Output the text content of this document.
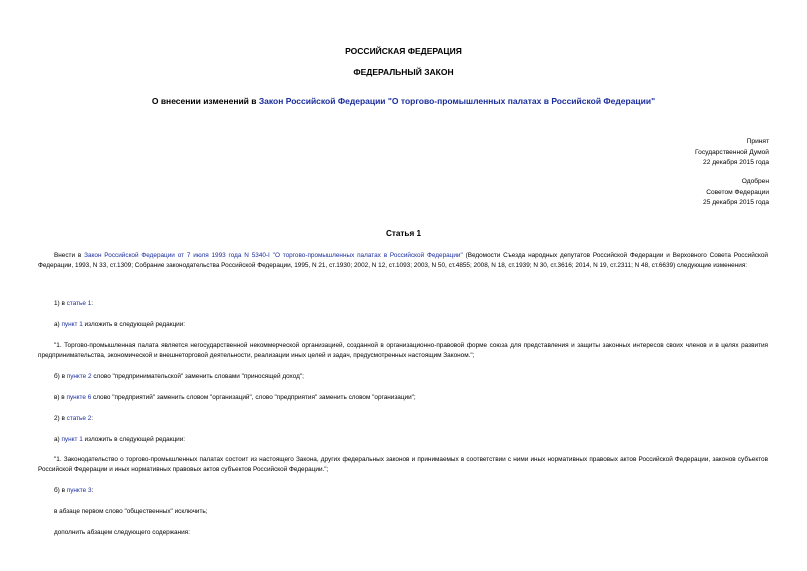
РОССИЙСКАЯ ФЕДЕРАЦИЯ
ФЕДЕРАЛЬНЫЙ ЗАКОН
О внесении изменений в Закон Российской Федерации "О торгово-промышленных палатах в Российской Федерации"
Принят
Государственной Думой
22 декабря 2015 года
Одобрен
Советом Федерации
25 декабря 2015 года
Статья 1
Внести в Закон Российской Федерации от 7 июля 1993 года N 5340-I "О торгово-промышленных палатах в Российской Федерации" (Ведомости Съезда народных депутатов Российской Федерации и Верховного Совета Российской Федерации, 1993, N 33, ст.1309; Собрание законодательства Российской Федерации, 1995, N 21, ст.1930; 2002, N 12, ст.1093; 2003, N 50, ст.4855; 2008, N 18, ст.1939; N 30, ст.3616; 2014, N 19, ст.2311; N 48, ст.6639) следующие изменения:
1) в статье 1:
а) пункт 1 изложить в следующей редакции:
"1. Торгово-промышленная палата является негосударственной некоммерческой организацией, созданной в организационно-правовой форме союза для представления и защиты законных интересов своих членов и в целях развития предпринимательства, экономической и внешнеторговой деятельности, реализации иных целей и задач, предусмотренных настоящим Законом.";
б) в пункте 2 слово "предпринимательской" заменить словами "приносящей доход";
в) в пункте 6 слово "предприятий" заменить словом "организаций", слово "предприятия" заменить словом "организации";
2) в статье 2:
а) пункт 1 изложить в следующей редакции:
"1. Законодательство о торгово-промышленных палатах состоит из настоящего Закона, других федеральных законов и принимаемых в соответствии с ними иных нормативных правовых актов Российской Федерации, законов субъектов Российской Федерации и иных нормативных правовых актов субъектов Российской Федерации.";
б) в пункте 3:
в абзаце первом слово "общественных" исключить;
дополнить абзацем следующего содержания:
